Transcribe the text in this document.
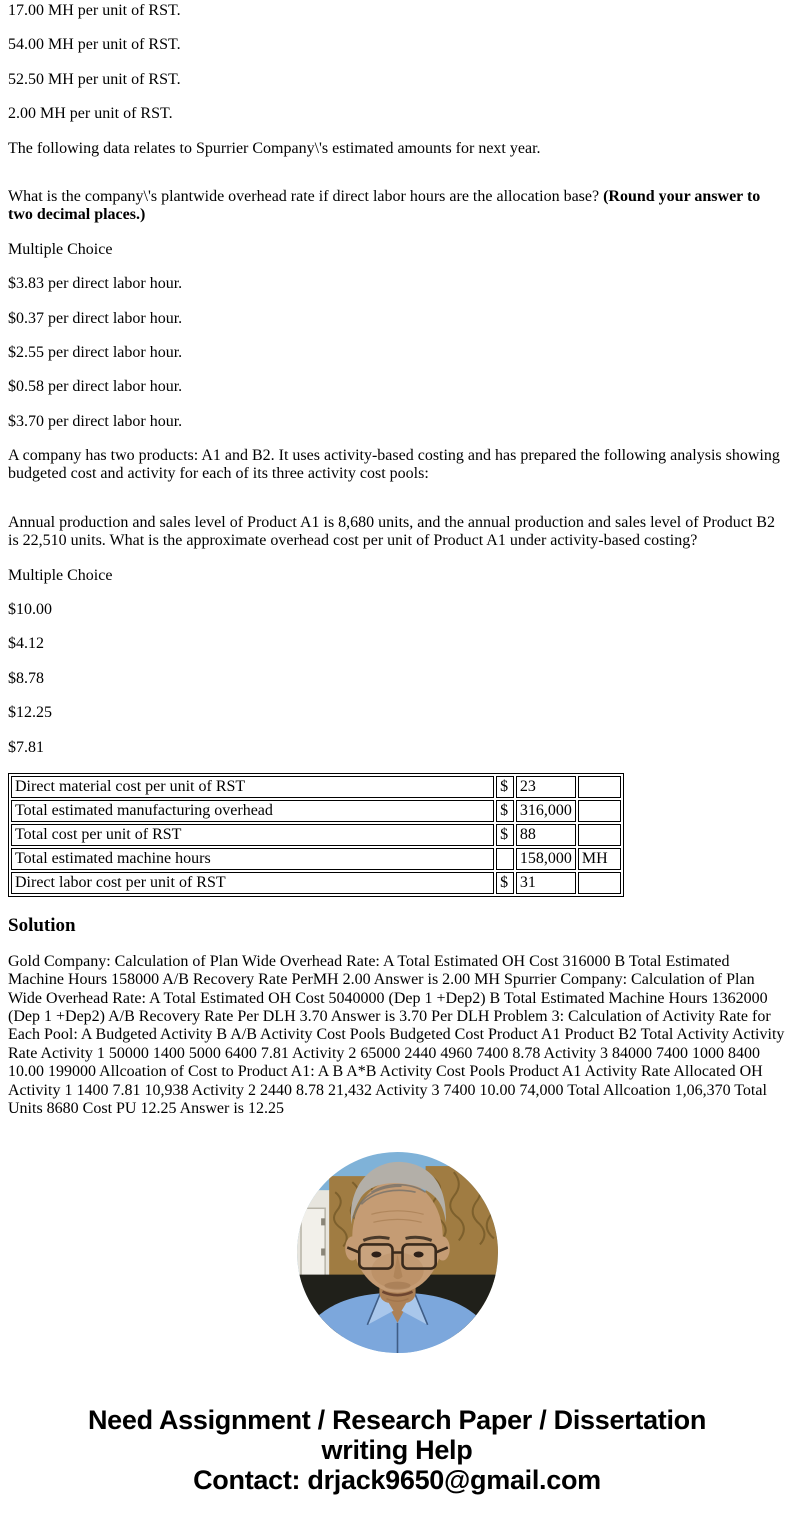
17.00 MH per unit of RST.

54.00 MH per unit of RST.

52.50 MH per unit of RST.

2.00 MH per unit of RST.

The following data relates to Spurrier Company\'s estimated amounts for next year.

What is the company\'s plantwide overhead rate if direct labor hours are the allocation base? (Round your answer to two decimal places.)

Multiple Choice

$3.83 per direct labor hour.

$0.37 per direct labor hour.

$2.55 per direct labor hour.

$0.58 per direct labor hour.

$3.70 per direct labor hour.

A company has two products: A1 and B2. It uses activity-based costing and has prepared the following analysis showing budgeted cost and activity for each of its three activity cost pools:

Annual production and sales level of Product A1 is 8,680 units, and the annual production and sales level of Product B2 is 22,510 units. What is the approximate overhead cost per unit of Product A1 under activity-based costing?

Multiple Choice

$10.00

$4.12

$8.78

$12.25

$7.81

Direct material cost per unit of RST	$	23	
Total estimated manufacturing overhead	$	316,000	
Total cost per unit of RST	$	88	
Total estimated machine hours		158,000	MH
Direct labor cost per unit of RST	$	31	
Solution

Gold Company: Calculation of Plan Wide Overhead Rate: A Total Estimated OH Cost 316000 B Total Estimated Machine Hours 158000 A/B Recovery Rate PerMH 2.00 Answer is 2.00 MH Spurrier Company: Calculation of Plan Wide Overhead Rate: A Total Estimated OH Cost 5040000 (Dep 1 +Dep2) B Total Estimated Machine Hours 1362000 (Dep 1 +Dep2) A/B Recovery Rate Per DLH 3.70 Answer is 3.70 Per DLH Problem 3: Calculation of Activity Rate for Each Pool: A Budgeted Activity B A/B Activity Cost Pools Budgeted Cost Product A1 Product B2 Total Activity Activity Rate Activity 1 50000 1400 5000 6400 7.81 Activity 2 65000 2440 4960 7400 8.78 Activity 3 84000 7400 1000 8400 10.00 199000 Allcoation of Cost to Product A1: A B A*B Activity Cost Pools Product A1 Activity Rate Allocated OH Activity 1 1400 7.81 10,938 Activity 2 2440 8.78 21,432 Activity 3 7400 10.00 74,000 Total Allcoation 1,06,370 Total Units 8680 Cost PU 12.25 Answer is 12.25

Need Assignment / Research Paper / Dissertation
writing Help
Contact: drjack9650@gmail.com
